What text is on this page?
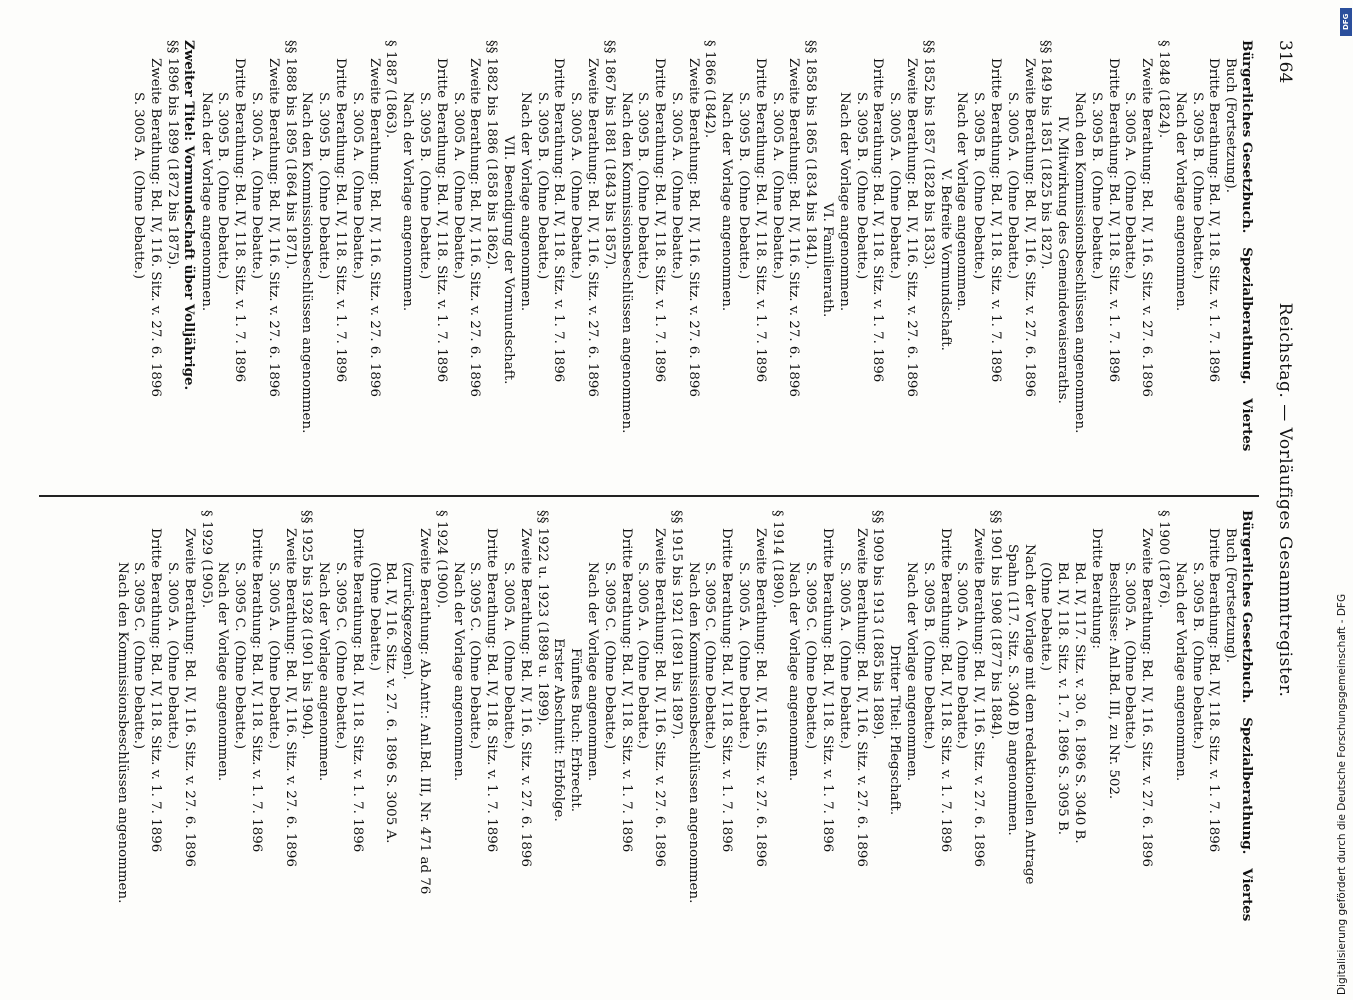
3164
Reichstag. — Vorläufiges Gesammtregister.
Bürgerliches Gesetzbuch.   Spezialberathung.   Viertes
Buch (Fortsetzung).
Dritte Berathung: Bd. IV, 118. Sitz. v. 1. 7. 1896
S. 3095 B.  (Ohne Debatte.)
Nach der Vorlage angenommen.
§ 1848 (1824).
Zweite Berathung: Bd. IV, 116. Sitz. v. 27. 6. 1896
S. 3005 A.  (Ohne Debatte.)
Dritte Berathung: Bd. IV, 118. Sitz. v. 1. 7. 1896
S. 3095 B.  (Ohne Debatte.)
Nach den Kommissionsbeschlüssen angenommen.
IV. Mitwirkung des Gemeindewaisenraths.
§§ 1849 bis 1851 (1825 bis 1827).
Zweite Berathung: Bd. IV, 116. Sitz. v. 27. 6. 1896
S. 3005 A.  (Ohne Debatte.)
Dritte Berathung: Bd. IV, 118. Sitz. v. 1. 7. 1896
S. 3095 B.  (Ohne Debatte.)
Nach der Vorlage angenommen.
V. Befreite Vormundschaft.
§§ 1852 bis 1857 (1828 bis 1833).
Zweite Berathung: Bd. IV, 116. Sitz. v. 27. 6. 1896
S. 3005 A.  (Ohne Debatte.)
Dritte Berathung: Bd. IV, 118. Sitz. v. 1. 7. 1896
S. 3095 B.  (Ohne Debatte.)
Nach der Vorlage angenommen.
VI. Familienrath.
§§ 1858 bis 1865 (1834 bis 1841).
Zweite Berathung: Bd. IV, 116. Sitz. v. 27. 6. 1896
S. 3005 A.  (Ohne Debatte.)
Dritte Berathung: Bd. IV, 118. Sitz. v. 1. 7. 1896
S. 3095 B.  (Ohne Debatte.)
Nach der Vorlage angenommen.
§ 1866 (1842).
Zweite Berathung: Bd. IV, 116. Sitz. v. 27. 6. 1896
S. 3005 A.  (Ohne Debatte.)
Dritte Berathung: Bd. IV, 118. Sitz. v. 1. 7. 1896
S. 3095 B.  (Ohne Debatte.)
Nach den Kommissionsbeschlüssen angenommen.
§§ 1867 bis 1881 (1843 bis 1857).
Zweite Berathung: Bd. IV, 116. Sitz. v. 27. 6. 1896
S. 3005 A.  (Ohne Debatte.)
Dritte Berathung: Bd. IV, 118. Sitz. v. 1. 7. 1896
S. 3095 B.  (Ohne Debatte.)
Nach der Vorlage angenommen.
VII. Beendigung der Vormundschaft.
§§ 1882 bis 1886 (1858 bis 1862).
Zweite Berathung: Bd. IV, 116. Sitz. v. 27. 6. 1896
S. 3005 A.  (Ohne Debatte.)
Dritte Berathung: Bd. IV, 118. Sitz. v. 1. 7. 1896
S. 3095 B.  (Ohne Debatte.)
Nach der Vorlage angenommen.
§ 1887 (1863).
Zweite Berathung: Bd. IV, 116. Sitz. v. 27. 6. 1896
S. 3005 A.  (Ohne Debatte.)
Dritte Berathung: Bd. IV, 118. Sitz. v. 1. 7. 1896
S. 3095 B.  (Ohne Debatte.)
Nach den Kommissionsbeschlüssen angenommen.
§§ 1888 bis 1895 (1864 bis 1871).
Zweite Berathung: Bd. IV, 116. Sitz. v. 27. 6. 1896
S. 3005 A.  (Ohne Debatte.)
Dritte Berathung: Bd. IV, 118. Sitz. v. 1. 7. 1896
S. 3095 B.  (Ohne Debatte.)
Nach der Vorlage angenommen.
Zweiter Titel: Vormundschaft über Volljährige.
§§ 1896 bis 1899 (1872 bis 1875).
Zweite Berathung: Bd. IV, 116. Sitz. v. 27. 6. 1896
S. 3005 A.  (Ohne Debatte.)
Bürgerliches Gesetzbuch.   Spezialberathung.   Viertes
Buch (Fortsetzung).
Dritte Berathung: Bd. IV, 118. Sitz. v. 1. 7. 1896
S. 3095 B.  (Ohne Debatte.)
Nach der Vorlage angenommen.
§ 1900 (1876).
Zweite Berathung: Bd. IV, 116. Sitz. v. 27. 6. 1896
S. 3005 A.  (Ohne Debatte.)
Beschlüsse: Anl.Bd. III, zu Nr. 502.
Dritte Berathung:
Bd. IV, 117. Sitz. v. 30. 6. 1896 S. 3040 B.
Bd. IV, 118. Sitz. v. 1. 7. 1896 S. 3095 B.
(Ohne Debatte.)
Nach der Vorlage mit dem redaktionellen Antrage
Spahn (117. Sitz. S. 3040 B) angenommen.
§§ 1901 bis 1908 (1877 bis 1884).
Zweite Berathung: Bd. IV, 116. Sitz. v. 27. 6. 1896
S. 3005 A.  (Ohne Debatte.)
Dritte Berathung: Bd. IV, 118. Sitz. v. 1. 7. 1896
S. 3095 B.  (Ohne Debatte.)
Nach der Vorlage angenommen.
Dritter Titel: Pflegschaft.
§§ 1909 bis 1913 (1885 bis 1889).
Zweite Berathung: Bd. IV, 116. Sitz. v. 27. 6. 1896
S. 3005 A.  (Ohne Debatte.)
Dritte Berathung: Bd. IV, 118. Sitz. v. 1. 7. 1896
S. 3095 C.  (Ohne Debatte.)
Nach der Vorlage angenommen.
§ 1914 (1890).
Zweite Berathung: Bd. IV, 116. Sitz. v. 27. 6. 1896
S. 3005 A.  (Ohne Debatte.)
Dritte Berathung: Bd. IV, 118. Sitz. v. 1. 7. 1896
S. 3095 C.  (Ohne Debatte.)
Nach den Kommissionsbeschlüssen angenommen.
§§ 1915 bis 1921 (1891 bis 1897).
Zweite Berathung: Bd. IV, 116. Sitz. v. 27. 6. 1896
S. 3005 A.  (Ohne Debatte.)
Dritte Berathung: Bd. IV, 118. Sitz. v. 1. 7. 1896
S. 3095 C.  (Ohne Debatte.)
Nach der Vorlage angenommen.
Fünftes Buch: Erbrecht.
Erster Abschnitt: Erbfolge.
§§ 1922 u. 1923 (1898 u. 1899).
Zweite Berathung: Bd. IV, 116. Sitz. v. 27. 6. 1896
S. 3005 A.  (Ohne Debatte.)
Dritte Berathung: Bd. IV, 118. Sitz. v. 1. 7. 1896
S. 3095 C.  (Ohne Debatte.)
Nach der Vorlage angenommen.
§ 1924 (1900).
Zweite Berathung: Ab.Antr.: Anl.Bd. III, Nr. 471 ad 76
(zurückgezogen).
Bd. IV, 116. Sitz. v. 27. 6. 1896 S. 3005 A.
(Ohne Debatte.)
Dritte Berathung: Bd. IV, 118. Sitz. v. 1. 7. 1896
S. 3095 C.  (Ohne Debatte.)
Nach der Vorlage angenommen.
§§ 1925 bis 1928 (1901 bis 1904).
Zweite Berathung: Bd. IV, 116. Sitz. v. 27. 6. 1896
S. 3005 A.  (Ohne Debatte.)
Dritte Berathung: Bd. IV, 118. Sitz. v. 1. 7. 1896
S. 3095 C.  (Ohne Debatte.)
Nach der Vorlage angenommen.
§ 1929 (1905).
Zweite Berathung: Bd. IV, 116. Sitz. v. 27. 6. 1896
S. 3005 A.  (Ohne Debatte.)
Dritte Berathung: Bd. IV, 118. Sitz. v. 1. 7. 1896
S. 3095 C.  (Ohne Debatte.)
Nach den Kommissionsbeschlüssen angenommen.	Digitalisierung gefördert durch die Deutsche Forschungsgemeinschaft - DFG
DFG
